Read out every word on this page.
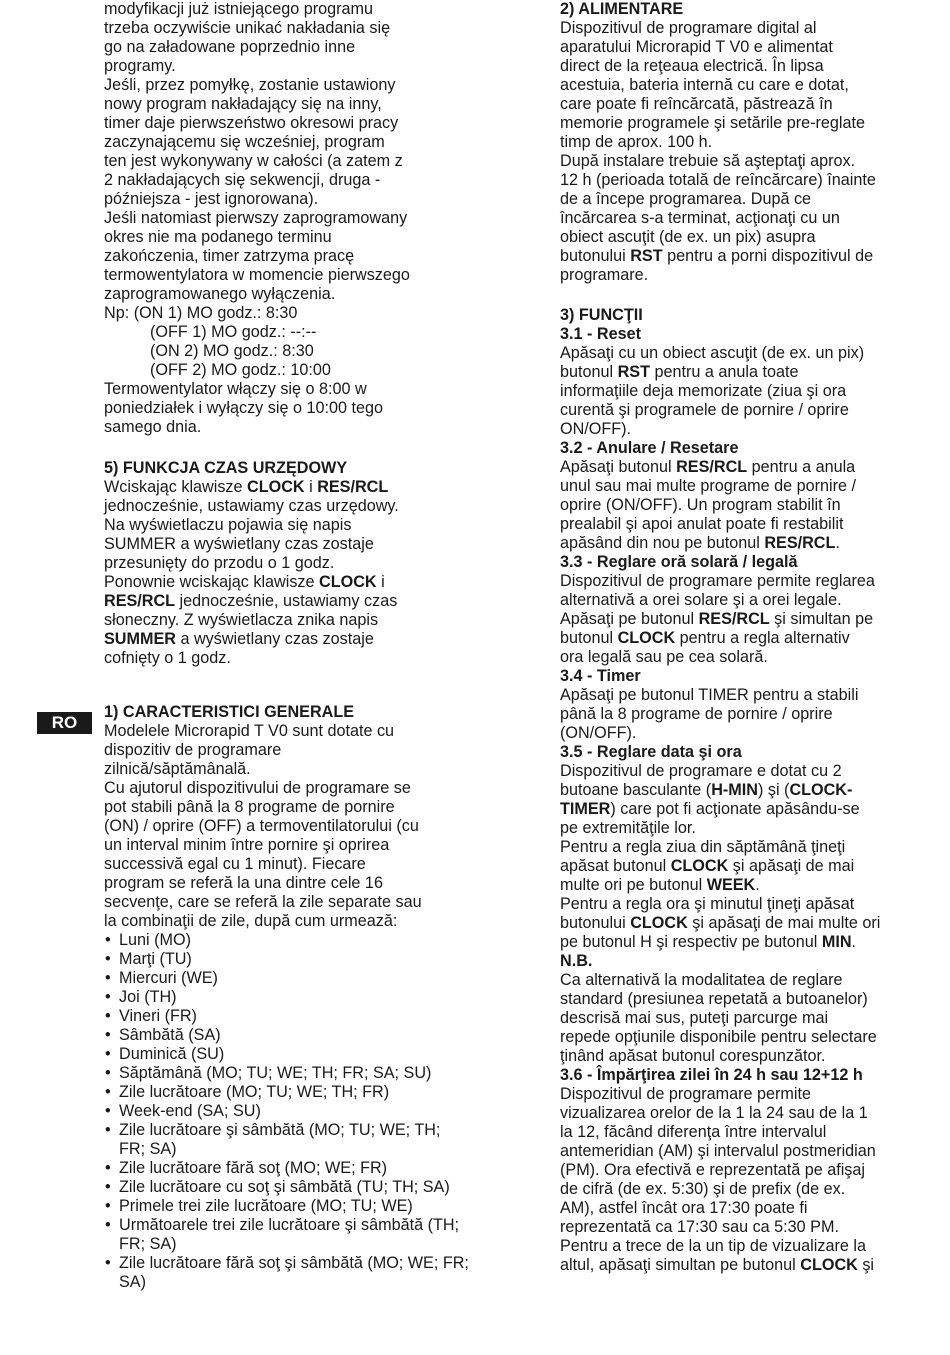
modyfikacji już istniejącego programu
trzeba oczywiście unikać nakładania się
go na załadowane poprzednio inne
programy.
Jeśli, przez pomyłkę, zostanie ustawiony
nowy program nakładający się na inny,
timer daje pierwszeństwo okresowi pracy
zaczynającemu się wcześniej, program
ten jest wykonywany w całości (a zatem z
2 nakładających się sekwencji, druga -
późniejsza - jest ignorowana).
Jeśli natomiast pierwszy zaprogramowany
okres nie ma podanego terminu
zakończenia, timer zatrzyma pracę
termowentylatora w momencie pierwszego
zaprogramowanego wyłączenia.
Np: (ON 1) MO godz.: 8:30
(OFF 1) MO godz.: --:--
(ON 2) MO godz.: 8:30
(OFF 2) MO godz.: 10:00
Termowentylator włączy się o 8:00 w
poniedziałek i wyłączy się o 10:00 tego
samego dnia.
5) FUNKCJA CZAS URZĘDOWY
Wciskając klawisze CLOCK i RES/RCL
jednocześnie, ustawiamy czas urzędowy.
Na wyświetlaczu pojawia się napis
SUMMER a wyświetlany czas zostaje
przesunięty do przodu o 1 godz.
Ponownie wciskając klawisze CLOCK i
RES/RCL jednocześnie, ustawiamy czas
słoneczny. Z wyświetlacza znika napis
SUMMER a wyświetlany czas zostaje
cofnięty o 1 godz.
1) CARACTERISTICI GENERALE
Modelele Microrapid T V0 sunt dotate cu
dispozitiv de programare
zilnică/săptămânală.
Cu ajutorul dispozitivului de programare se
pot stabili până la 8 programe de pornire
(ON) / oprire (OFF) a termoventilatorului (cu
un interval minim între pornire şi oprirea
successivă egal cu 1 minut). Fiecare
program se referă la una dintre cele 16
secvenţe, care se referă la zile separate sau
la combinaţii de zile, după cum urmează:
• Luni (MO)
• Marţi (TU)
• Miercuri (WE)
• Joi (TH)
• Vineri (FR)
• Sâmbătă (SA)
• Duminică (SU)
• Săptămână (MO; TU; WE; TH; FR; SA; SU)
• Zile lucrătoare (MO; TU; WE; TH; FR)
• Week-end (SA; SU)
• Zile lucrătoare şi sâmbătă (MO; TU; WE; TH; FR; SA)
• Zile lucrătoare fără soţ (MO; WE; FR)
• Zile lucrătoare cu soţ şi sâmbătă (TU; TH; SA)
• Primele trei zile lucrătoare (MO; TU; WE)
• Următoarele trei zile lucrătoare şi sâmbătă (TH; FR; SA)
• Zile lucrătoare fără soţ şi sâmbătă (MO; WE; FR; SA)
RO
2) ALIMENTARE
Dispozitivul de programare digital al
aparatului Microrapid T V0 e alimentat
direct de la reţeaua electrică. În lipsa
acestuia, bateria internă cu care e dotat,
care poate fi reîncărcată, păstrează în
memorie programele şi setările pre-reglate
timp de aprox. 100 h.
După instalare trebuie să aşteptaţi aprox.
12 h (perioada totală de reîncărcare) înainte
de a începe programarea. După ce
încărcarea s-a terminat, acţionaţi cu un
obiect ascuţit (de ex. un pix) asupra
butonului RST pentru a porni dispozitivul de
programare.
3) FUNCŢII
3.1 - Reset
Apăsaţi cu un obiect ascuţit (de ex. un pix)
butonul RST pentru a anula toate
informaţiile deja memorizate (ziua şi ora
curentă şi programele de pornire / oprire
ON/OFF).
3.2 - Anulare / Resetare
Apăsaţi butonul RES/RCL pentru a anula
unul sau mai multe programe de pornire /
oprire (ON/OFF). Un program stabilit în
prealabil şi apoi anulat poate fi restabilit
apăsând din nou pe butonul RES/RCL.
3.3 - Reglare oră solară / legală
Dispozitivul de programare permite reglarea
alternativă a orei solare şi a orei legale.
Apăsaţi pe butonul RES/RCL şi simultan pe
butonul CLOCK pentru a regla alternativ
ora legală sau pe cea solară.
3.4 - Timer
Apăsaţi pe butonul TIMER pentru a stabili
până la 8 programe de pornire / oprire
(ON/OFF).
3.5 - Reglare data şi ora
Dispozitivul de programare e dotat cu 2
butoane basculante (H-MIN) şi (CLOCK-
TIMER) care pot fi acţionate apăsându-se
pe extremităţile lor.
Pentru a regla ziua din săptămână ţineţi
apăsat butonul CLOCK şi apăsaţi de mai
multe ori pe butonul WEEK.
Pentru a regla ora şi minutul ţineţi apăsat
butonului CLOCK şi apăsaţi de mai multe ori
pe butonul H şi respectiv pe butonul MIN.
N.B.
Ca alternativă la modalitatea de reglare
standard (presiunea repetată a butoanelor)
descrisă mai sus, puteţi parcurge mai
repede opţiunile disponibile pentru selectare
ţinând apăsat butonul corespunzător.
3.6 - Împărţirea zilei în 24 h sau 12+12 h
Dispozitivul de programare permite
vizualizarea orelor de la 1 la 24 sau de la 1
la 12, făcând diferenţa între intervalul
antemeridian (AM) şi intervalul postmeridian
(PM). Ora efectivă e reprezentată pe afişaj
de cifră (de ex. 5:30) şi de prefix (de ex.
AM), astfel încât ora 17:30 poate fi
reprezentată ca 17:30 sau ca 5:30 PM.
Pentru a trece de la un tip de vizualizare la
altul, apăsaţi simultan pe butonul CLOCK şi
